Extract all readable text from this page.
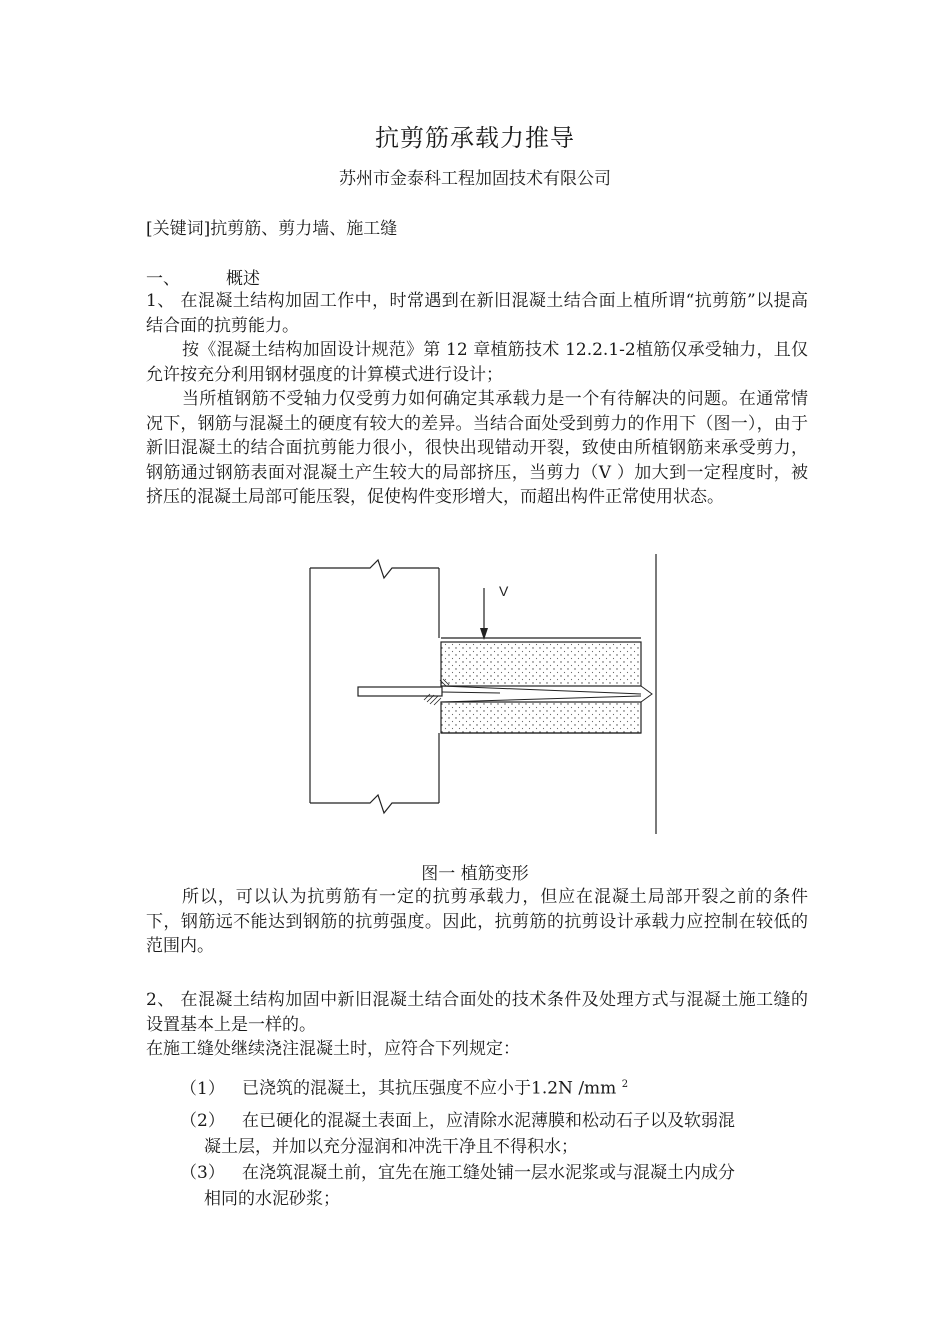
抗剪筋承载力推导
苏州市金泰科工程加固技术有限公司
[关键词]抗剪筋、剪力墙、施工缝
一、	概述
1、 在混凝土结构加固工作中，时常遇到在新旧混凝土结合面上植所谓“抗剪筋”以提高结合面的抗剪能力。
按《混凝土结构加固设计规范》第 12 章植筋技术 12.2.1-2植筋仅承受轴力，且仅允许按充分利用钢材强度的计算模式进行设计；
当所植钢筋不受轴力仅受剪力如何确定其承载力是一个有待解决的问题。在通常情况下，钢筋与混凝土的硬度有较大的差异。当结合面处受到剪力的作用下（图一），由于新旧混凝土的结合面抗剪能力很小，很快出现错动开裂，致使由所植钢筋来承受剪力，钢筋通过钢筋表面对混凝土产生较大的局部挤压，当剪力（V ）加大到一定程度时，被挤压的混凝土局部可能压裂，促使构件变形增大，而超出构件正常使用状态。
V
图一 植筋变形
所以，可以认为抗剪筋有一定的抗剪承载力，但应在混凝土局部开裂之前的条件下，钢筋远不能达到钢筋的抗剪强度。因此，抗剪筋的抗剪设计承载力应控制在较低的范围内。
2、 在混凝土结构加固中新旧混凝土结合面处的技术条件及处理方式与混凝土施工缝的设置基本上是一样的。
在施工缝处继续浇注混凝土时，应符合下列规定：
（1） 已浇筑的混凝土，其抗压强度不应小于1.2N /mm $^2$
（2） 在已硬化的混凝土表面上，应清除水泥薄膜和松动石子以及软弱混
凝土层，并加以充分湿润和冲洗干净且不得积水；
（3） 在浇筑混凝土前，宜先在施工缝处铺一层水泥浆或与混凝土内成分
相同的水泥砂浆；
